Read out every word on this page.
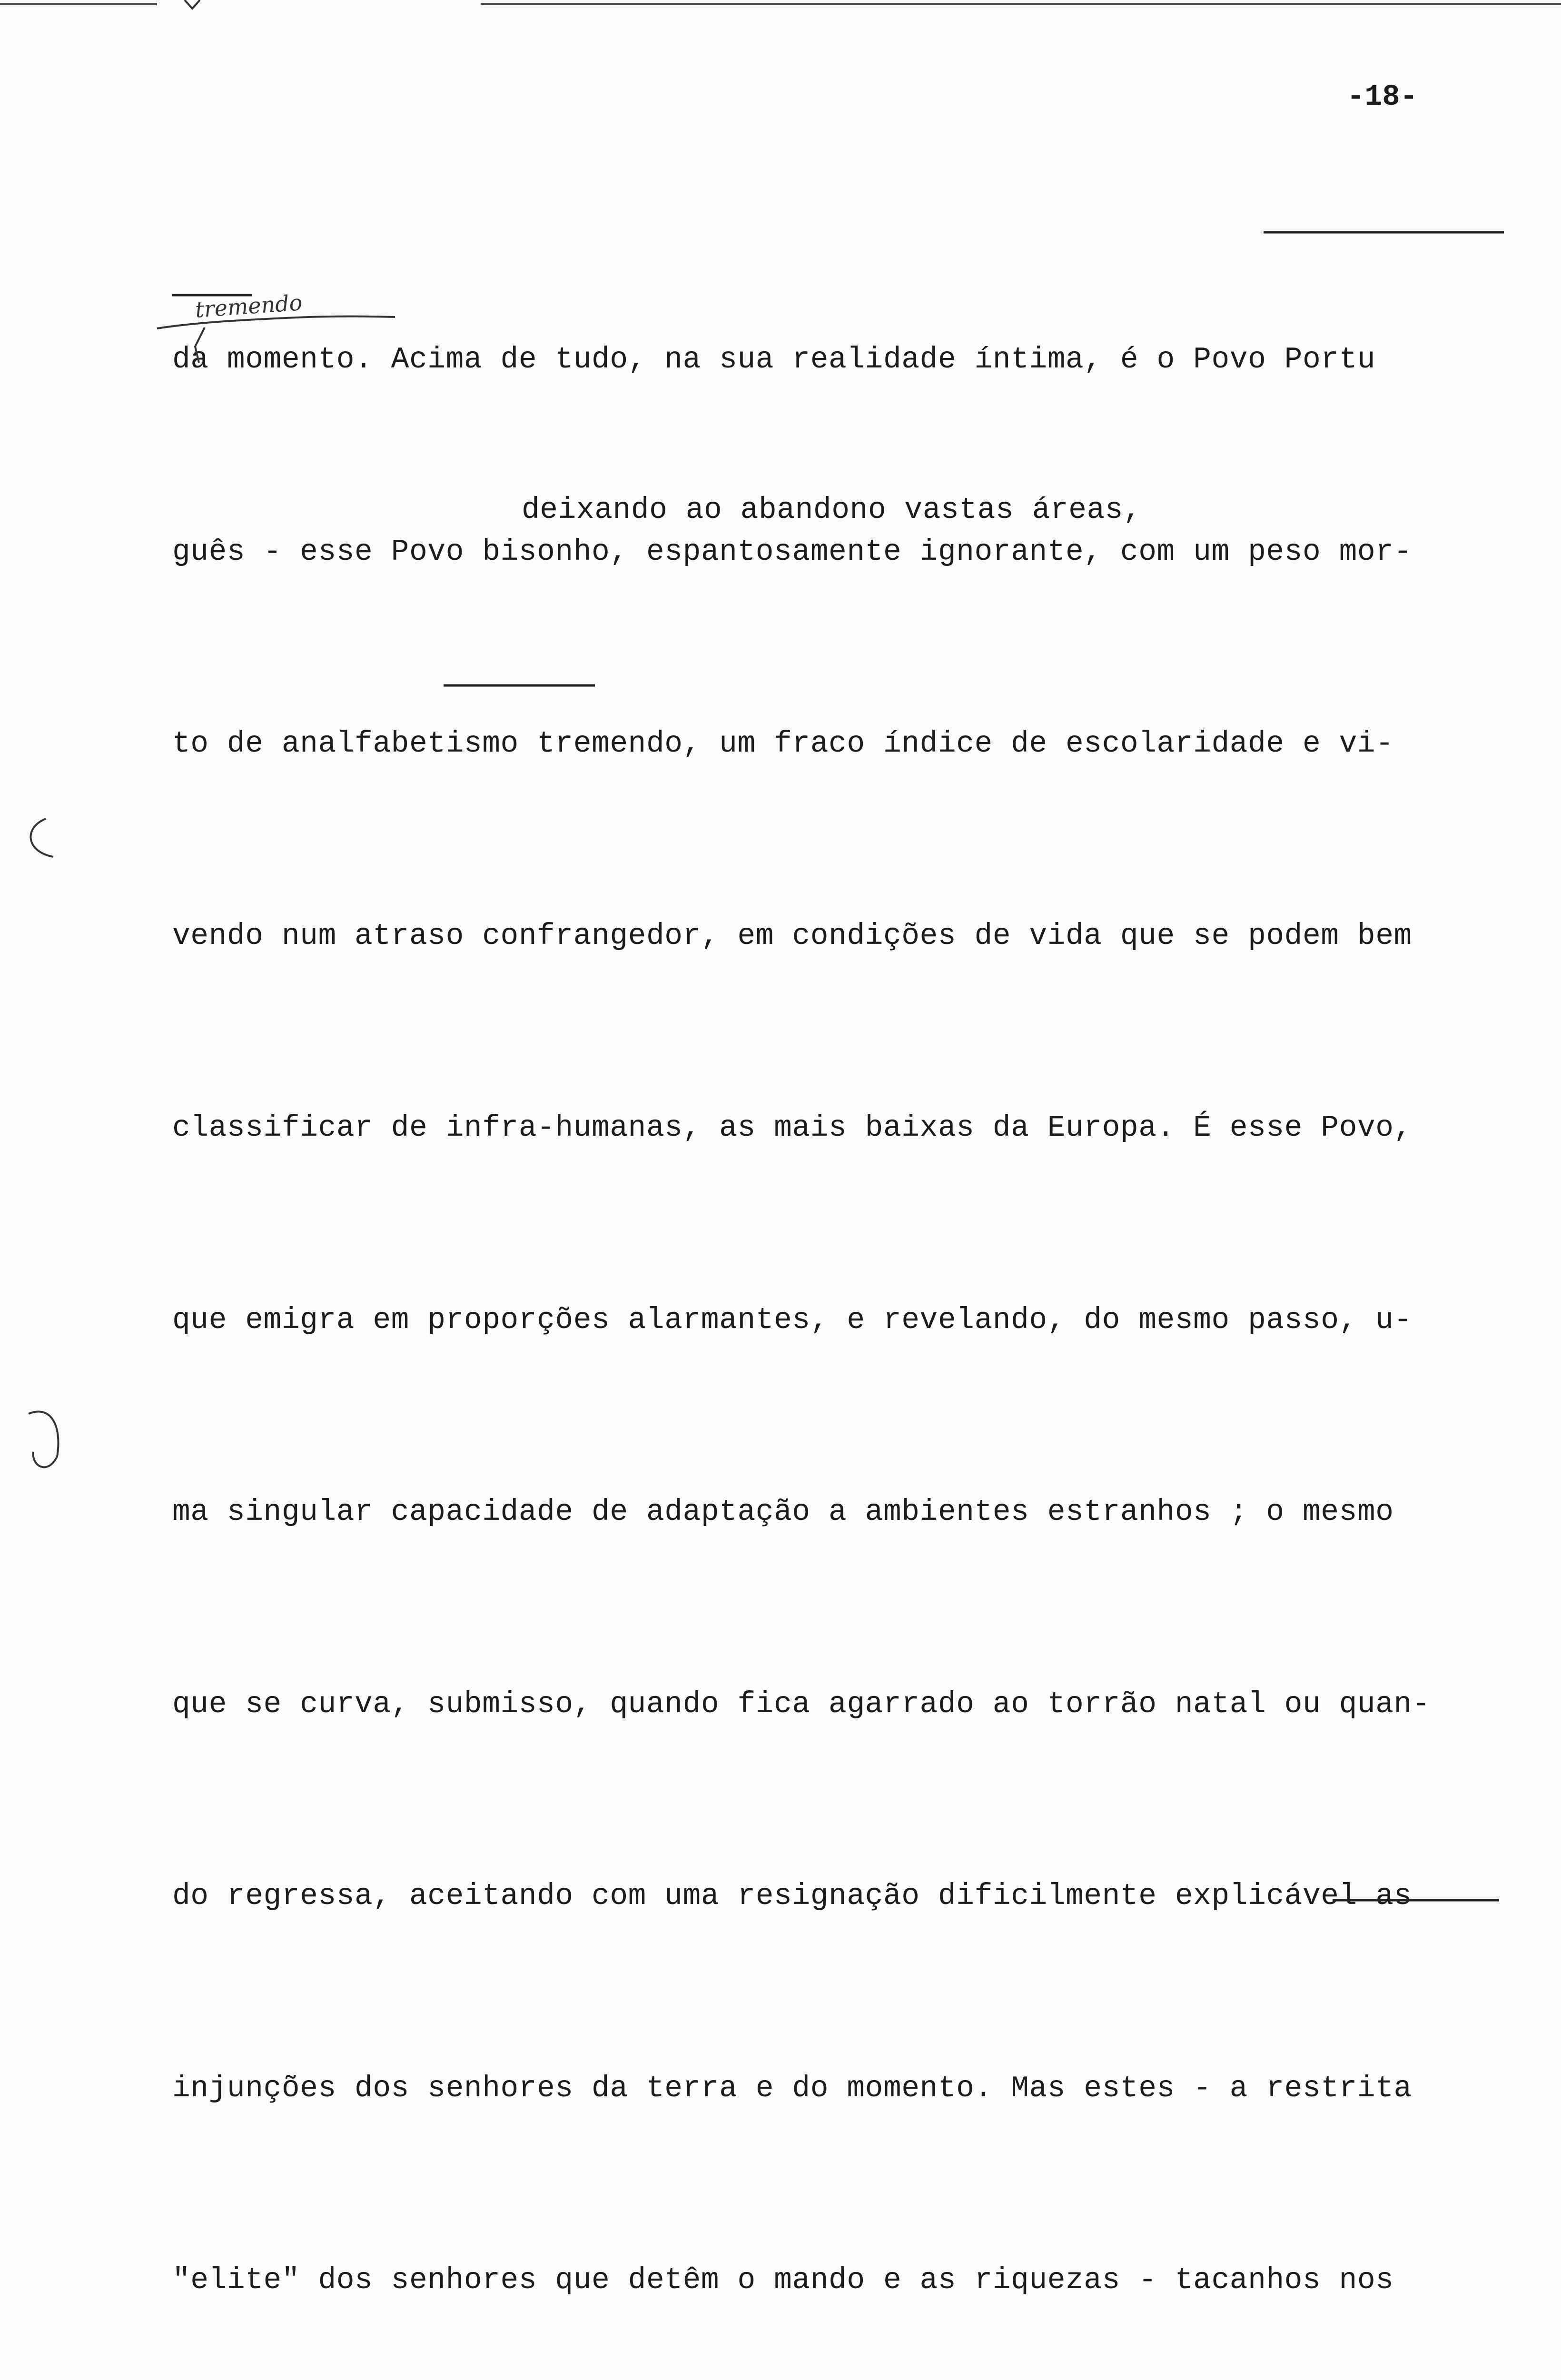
-18-

da momento. Acima de tudo, na sua realidade íntima, é o Povo Portu

guês - esse Povo bisonho, espantosamente ignorante, com um peso mor-

to de analfabetismo tremendo, um fraco índice de escolaridade e vi-

vendo num atraso confrangedor, em condições de vida que se podem bem

classificar de infra-humanas, as mais baixas da Europa. É esse Povo,

que emigra em proporções alarmantes, e revelando, do mesmo passo, u-

ma singular capacidade de adaptação a ambientes estranhos ; o mesmo

que se curva, submisso, quando fica agarrado ao torrão natal ou quan-

do regressa, aceitando com uma resignação dificilmente explicável as

injunções dos senhores da terra e do momento. Mas estes - a restrita

"elite" dos senhores que detêm o mando e as riquezas - tacanhos nos

deixando ao abandono vastas áreas,
tremendo
